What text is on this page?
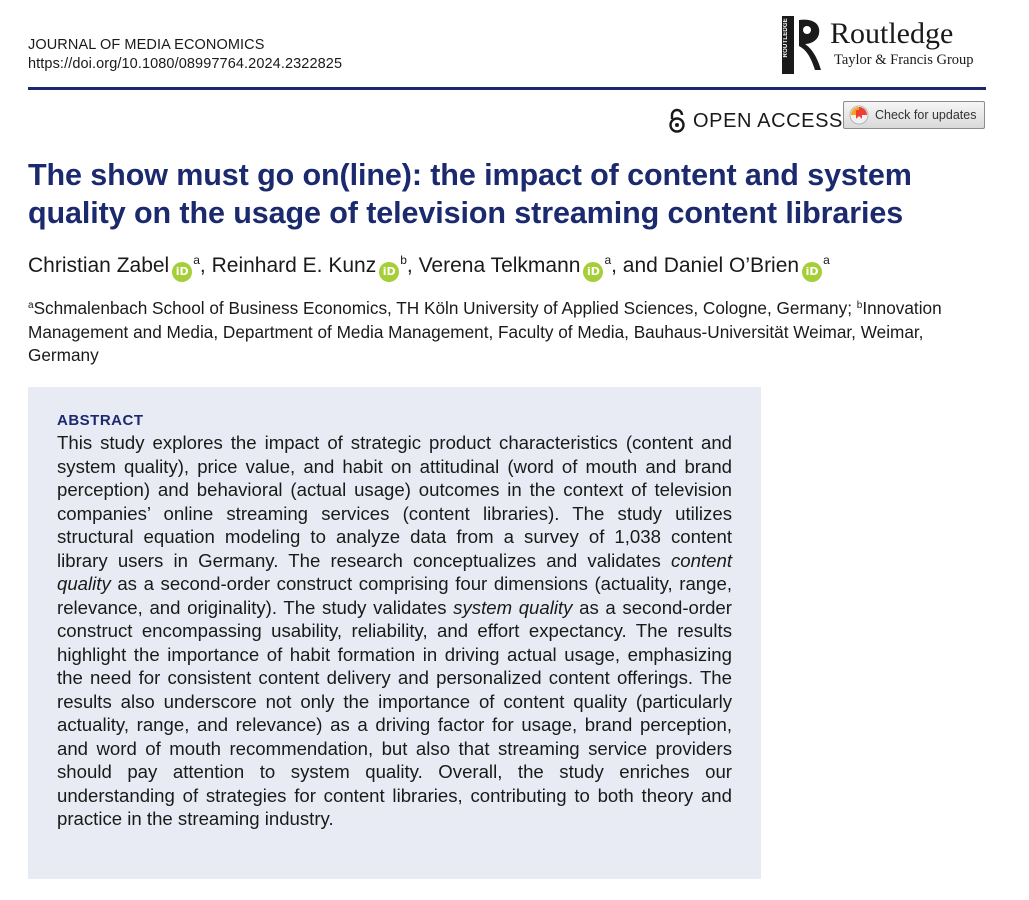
JOURNAL OF MEDIA ECONOMICS
https://doi.org/10.1080/08997764.2024.2322825
ROUTLEDGE Routledge
Taylor & Francis Group
OPEN ACCESS	Check for updates
The show must go on(line): the impact of content and system quality on the usage of television streaming content libraries
Christian Zabel iD$^a$, Reinhard E. Kunz iD$^b$, Verena Telkmann iD$^a$, and Daniel O’Brien iD$^a$
$^a$Schmalenbach School of Business Economics, TH Köln University of Applied Sciences, Cologne, Germany; $^b$Innovation Management and Media, Department of Media Management, Faculty of Media, Bauhaus-Universität Weimar, Weimar, Germany
ABSTRACT

This study explores the impact of strategic product characteristics (content and system quality), price value, and habit on attitudinal (word of mouth and brand perception) and behavioral (actual usage) outcomes in the context of television companies’ online streaming services (content libraries). The study utilizes structural equation modeling to analyze data from a survey of 1,038 content library users in Germany. The research conceptualizes and validates content quality as a second-order construct comprising four dimensions (actuality, range, relevance, and originality). The study validates system quality as a second-order construct encompassing usability, reliability, and effort expectancy. The results highlight the importance of habit formation in driving actual usage, emphasizing the need for consistent content delivery and personalized content offerings. The results also underscore not only the importance of content quality (particularly actuality, range, and relevance) as a driving factor for usage, brand perception, and word of mouth recommendation, but also that streaming service providers should pay attention to system quality. Overall, the study enriches our understanding of strategies for content libraries, contributing to both theory and practice in the streaming industry.
